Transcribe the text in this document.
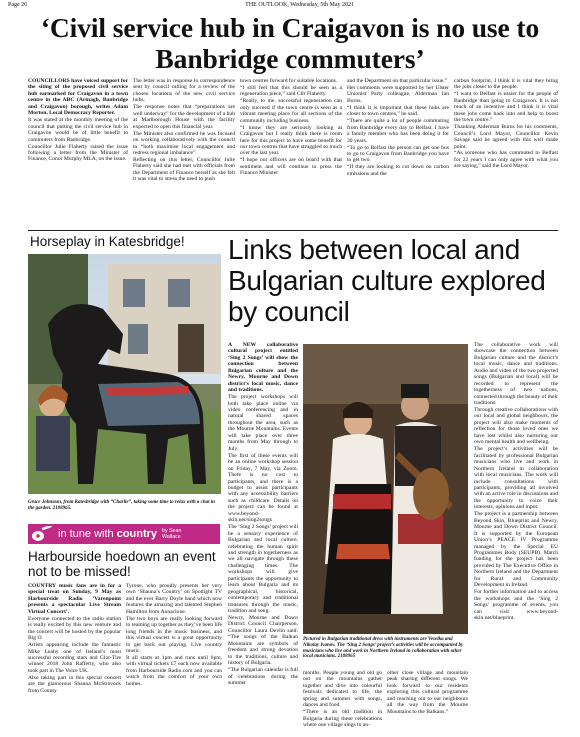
Page 26	THE OUTLOOK, Wednesday, 5th May 2021
‘Civil service hub in Craigavon is no use to Banbridge commuters’

COUNCILLORS have voiced support for the siting of the proposed civil service hub earmarked for Craigavon in a town centre in the ABC (Armagh, Banbridge and Craigavon) borough, writes Adam Morton, Local Democracy Reporter.

It was stated at the monthly meeting of the council that putting the civil service hub in Craigavon would be of little benefit to commuters from Banbridge.

Councillor Julie Flaherty raised the issue following a letter from the Minister of Finance, Conor Murphy MLA, on the issue.

The letter was in response to correspondence sent by council calling for a review of the chosen locations of the new civil service hubs.

The response notes that “preparations are well underway” for the development of a hub at Marlborough House with the facility expected to open this financial year.

The Minister also confirmed he was focused on working collaboratively with the council to “both maximise local engagement and redress regional imbalance”.

Reflecting on this letter, Councillor Julie Flaherty said she had met with officials from the Department of Finance herself as she felt it was vital to stress the need to push

town centres forward for suitable locations.

“I still feel that this should be seen as a regeneration piece,” said Cllr Flaherty.

“Really, to me, successful regeneration can only succeed if the town centre is seen as a vibrant meeting place for all sections of the community including business.

“I know they are seriously looking at Craigavon but I really think there is room here for this project to have some benefit for our town centres that have struggled so much over the last year.

“I hope our officers are on board with that sentiment and will continue to press the Finance Minister

and the Department on that particular issue.”

Her comments were supported by her Ulster Unionist Party colleague, Alderman Ian Burns.

“I think it is important that these hubs are closer to town centres,” he said.

“There are quite a lot of people commuting from Banbridge every day to Belfast. I have a family member who has been doing it for 30 years.

“To go to Belfast the person can get one bus to go to Craigavon from Banbridge you have to get two.

“If they are looking to cut down on carbon emissions and the

carbon footprint, I think it is vital they bring the jobs closer to the people.

“I want to Belfast is easier for the people of Banbridge than going to Craigavon. It is not much of an incentive and I think it is vital these jobs come back into and help to boost the town centre.”

Thanking Alderman Burns for his comments, Council’s Lord Mayor, Councillor Kevin Savage said he agreed with this well made point.

“As someone who has commuted to Belfast for 22 years I can only agree with what you are saying,” said the Lord Mayor.

Horseplay in Katesbridge!
Grace Johnston, from Katesbridge with “Charlie”, taking some time to relax with a chat in the garden. 2108965.
in tune with country by Sean Wallace
Harbourside hoedown an event not to be missed!

COUNTRY music fans are in for a special treat on Sunday, 9 May as Harbourside Radio ‘Varenpoint presents a spectacular Live Stream Virtual Concert’.

Everyone connected to the radio station is really excited by this new venture and the concert will be hosted by the popular Big O.

Artists appearing include the fantastic Mike Leahy one of Ireland’s most successful recording stars and Glor-Tire winner 2018 John Rafferty, who also took part in The Voice UK.

Also taking part in this special concert are the glamorous Shauna McStravock from County

Tyrone, who proudly presents her very own ‘Shauna’s Country’ on Spotlight TV and the ever Barry Doyle band which now features the amazing and talented Stephen Hamilton from Annaclone.

The two boys are really looking forward to teaming up together as they’ve been life long friends in the music business, and this virtual concert is a great opportunity to get back out playing. Live country music.

It all starts at 1pm and runs until 6pm, with virtual tickets £7 each now available from Harbourside Radio.com and you can watch from the comfort of your own homes.

Links between local and Bulgarian culture explored by council

A NEW collaborative cultural project entitled ‘Sing 2 Songs’ will show the connection between Bulgarian culture and the Newry, Mourne and Down district’s local music, dance and traditions.

The project workshops will both take place online via video conferencing and in natural shared spaces throughout the area, such as the Mourne Mountains. Events will take place over three months from May through to July.

The first of these events will be an online workshop session on Friday, 7 May, via Zoom. There is no cost to participants, and there is a budget to assist participants with any accessibility barriers such as childcare. Details on the project can be found at www.beyond-skin.net/sing2songs

The ‘Sing 2 Songs’ project will be a sensory experience of Bulgarian and local culture, celebrating the human spirit and strength in togetherness as we all navigate through these challenging times. The workshops will give participants the opportunity to learn about Bulgaria and its geographical, historical, contemporary and traditional treasures through the music, tradition and song.

Newry, Mourne and Down District Council Chairperson, Councillor Laura Devlin said: “The songs of the Balkan Mountains are symbols of freedom and strong devotion to the traditions, culture and history of Bulgaria.

“The Bulgarian calendar is full of celebrations during the summer

Pictured in Bulgarian traditional dress with instruments are Veselka and Nikolay Ivanov. The ‘Sing 2 Songs’ project’s activities will be accompanied by musicians who live and work in Northern Ireland in collaboration with other local musicians. 2108965

months. People young and old go out on the mountains gather together and dive into colourful festivals dedicated to life, the spring and summer with songs, dances and food.

“There is an old tradition in Bulgaria during these celebrations where one village sings to an-

other close village and mountain peak sharing different songs. We look forward to our residents exploring this cultural programme and reaching out to our neighbours all the way from the Mourne Mountains to the Balkans.”

The collaborative work will showcase the connection between Bulgarian culture and the district’s local music, dance and traditions. Audio and video of the two projected songs (Bulgarian and local) will be recorded to represent the togetherness of two nations, connected through the beauty of their traditions.

Through creative collaborations with our local and global neighbours, the project will also make moments of reflection for those loved ones we have lost whilst also nurturing our own mental health and wellbeing.

The project’s activities will be facilitated by professional Bulgarian musicians who live and work in Northern Ireland in collaboration with local musicians. The work will include consultations with participants, providing all involved with an active role in discussions and the opportunity to voice their interests, opinions and input.

The project is a partnership between Beyond Skin, Blueprint and Newry, Mourne and Down District Council. It is supported by the European Union’s PEACE IV Programme managed by the Special EU Programmes Body (SEUPB). Match funding for the project has been provided by The Executive Office in Northern Ireland and the Department for Rural and Community Development in Ireland.

For further information and to access the workshops and the ‘Sing 2 Songs’ programme of events, you can visit www.beyond-skin.net/blueprint.
